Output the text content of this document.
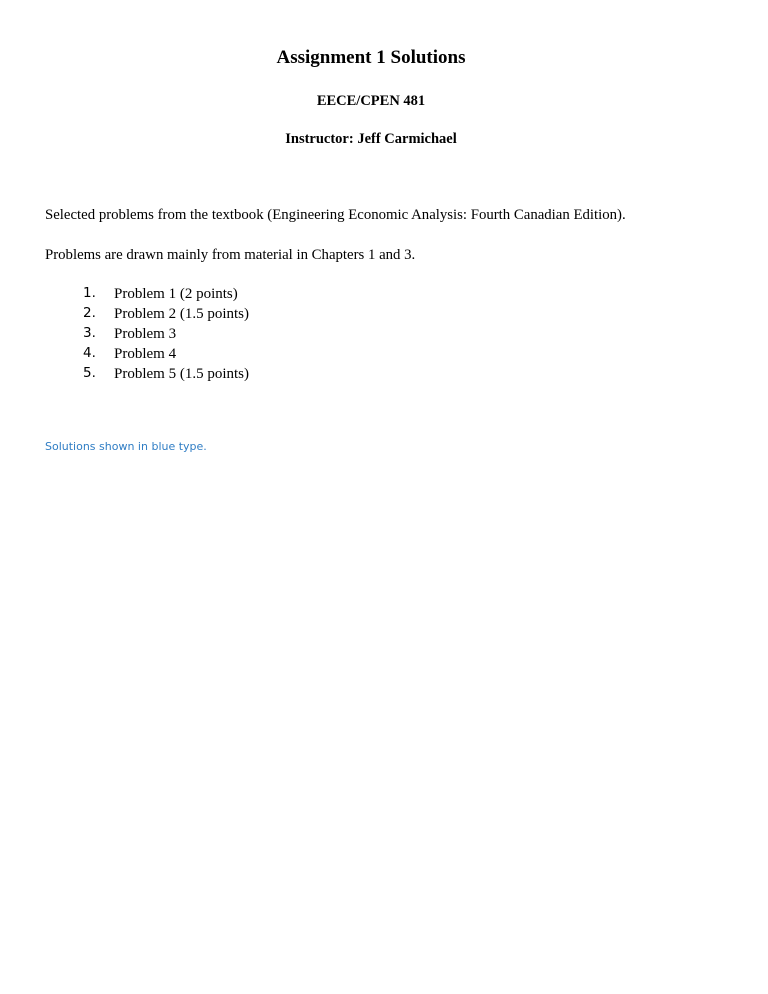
Assignment 1 Solutions
EECE/CPEN 481
Instructor: Jeff Carmichael

Selected problems from the textbook (Engineering Economic Analysis: Fourth Canadian Edition).

Problems are drawn mainly from material in Chapters 1 and 3.

Problem 1 (2 points)
Problem 2 (1.5 points)
Problem 3
Problem 4
Problem 5 (1.5 points)

Solutions shown in blue type.
